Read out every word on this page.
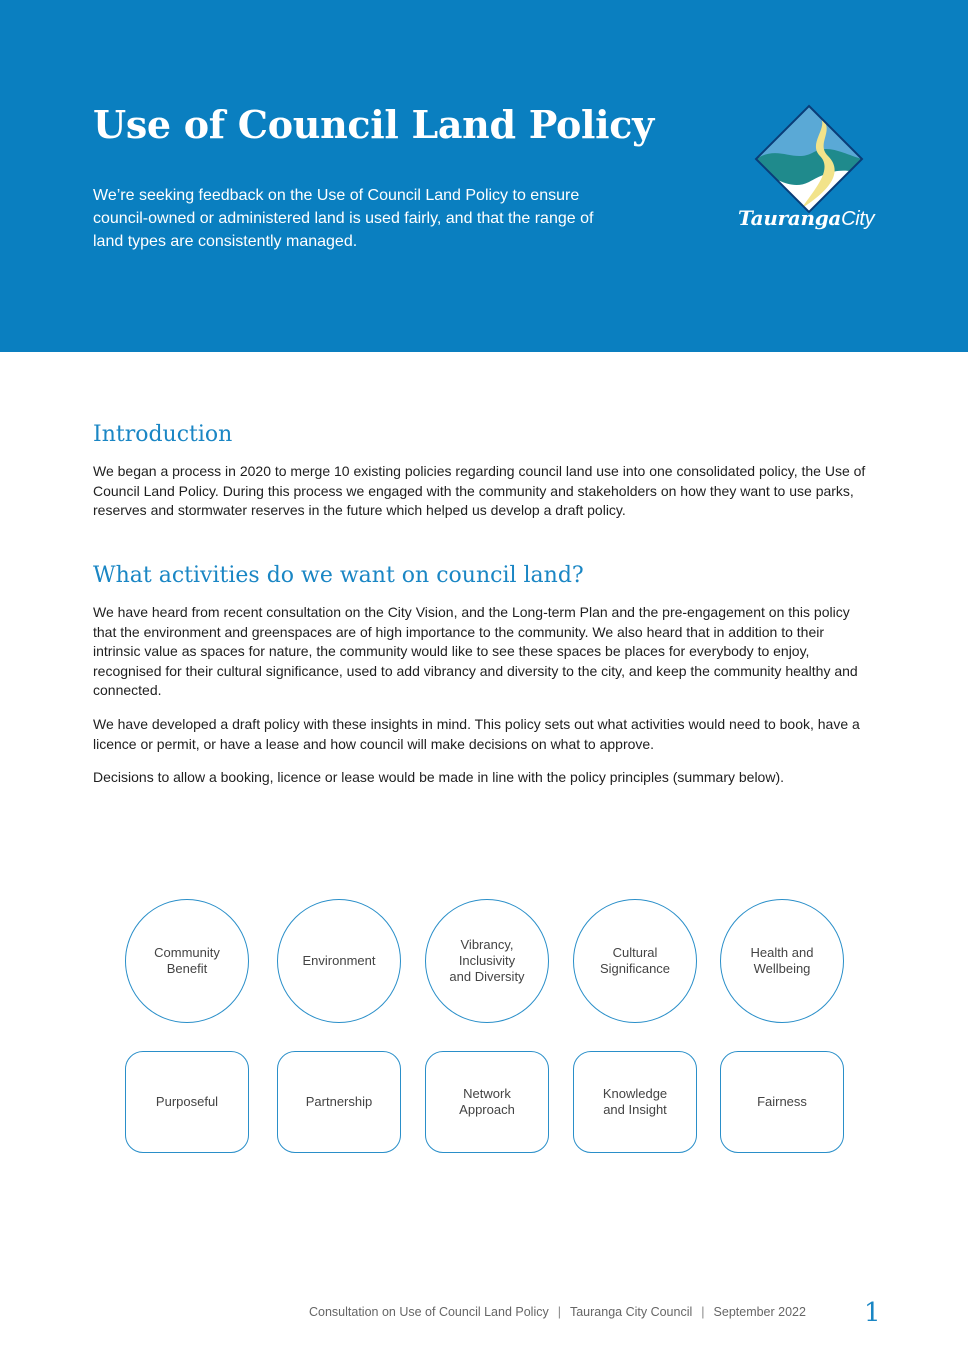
Use of Council Land Policy

We’re seeking feedback on the Use of Council Land Policy to ensure council-owned or administered land is used fairly, and that the range of land types are consistently managed.

TaurangaCity
Introduction

We began a process in 2020 to merge 10 existing policies regarding council land use into one consolidated policy, the Use of Council Land Policy. During this process we engaged with the community and stakeholders on how they want to use parks, reserves and stormwater reserves in the future which helped us develop a draft policy.

What activities do we want on council land?

We have heard from recent consultation on the City Vision, and the Long-term Plan and the pre-engagement on this policy that the environment and greenspaces are of high importance to the community. We also heard that in addition to their intrinsic value as spaces for nature, the community would like to see these spaces be places for everybody to enjoy, recognised for their cultural significance, used to add vibrancy and diversity to the city, and keep the community healthy and connected.

We have developed a draft policy with these insights in mind. This policy sets out what activities would need to book, have a licence or permit, or have a lease and how council will make decisions on what to approve.

Decisions to allow a booking, licence or lease would be made in line with the policy principles (summary below).

Community
Benefit
Environment
Vibrancy,
Inclusivity
and Diversity
Cultural
Significance
Health and
Wellbeing
Purposeful	Partnership
Network
Approach
Knowledge
and Insight
Fairness
Consultation on Use of Council Land Policy | Tauranga City Council | September 2022 1
